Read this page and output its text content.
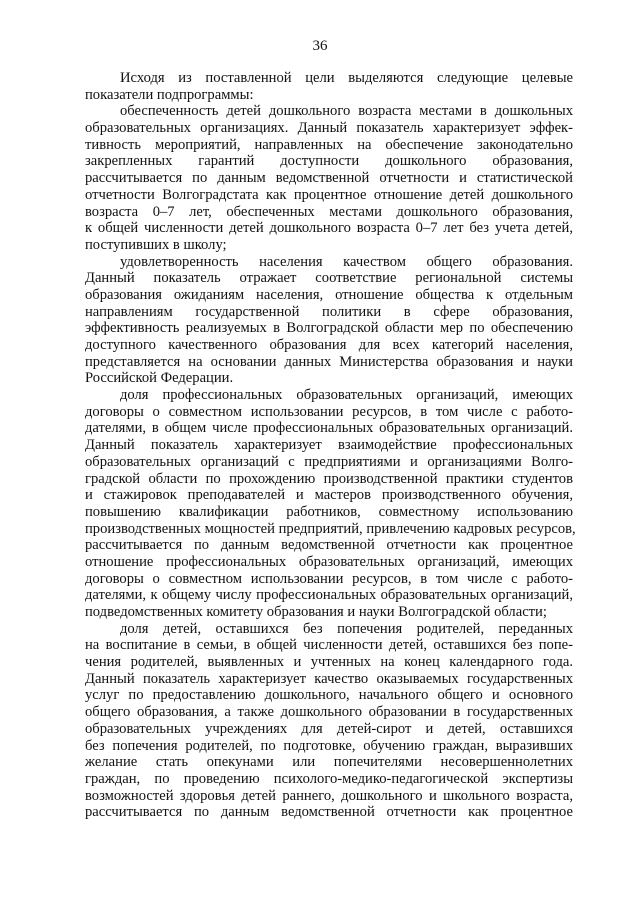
36
Исходя из поставленной цели выделяются следующие целевые
показатели подпрограммы:
обеспеченность детей дошкольного возраста местами в дошкольных
образовательных организациях. Данный показатель характеризует эффек-
тивность мероприятий, направленных на обеспечение законодательно
закрепленных гарантий доступности дошкольного образования,
рассчитывается по данным ведомственной отчетности и статистической
отчетности Волгоградстата как процентное отношение детей дошкольного
возраста 0–7 лет, обеспеченных местами дошкольного образования,
к общей численности детей дошкольного возраста 0–7 лет без учета детей,
поступивших в школу;
удовлетворенность населения качеством общего образования.
Данный показатель отражает соответствие региональной системы
образования ожиданиям населения, отношение общества к отдельным
направлениям государственной политики в сфере образования,
эффективность реализуемых в Волгоградской области мер по обеспечению
доступного качественного образования для всех категорий населения,
представляется на основании данных Министерства образования и науки
Российской Федерации.
доля профессиональных образовательных организаций, имеющих
договоры о совместном использовании ресурсов, в том числе с работо-
дателями, в общем числе профессиональных образовательных организаций.
Данный показатель характеризует взаимодействие профессиональных
образовательных организаций с предприятиями и организациями Волго-
градской области по прохождению производственной практики студентов
и стажировок преподавателей и мастеров производственного обучения,
повышению квалификации работников, совместному использованию
производственных мощностей предприятий, привлечению кадровых ресурсов,
рассчитывается по данным ведомственной отчетности как процентное
отношение профессиональных образовательных организаций, имеющих
договоры о совместном использовании ресурсов, в том числе с работо-
дателями, к общему числу профессиональных образовательных организаций,
подведомственных комитету образования и науки Волгоградской области;
доля детей, оставшихся без попечения родителей, переданных
на воспитание в семьи, в общей численности детей, оставшихся без попе-
чения родителей, выявленных и учтенных на конец календарного года.
Данный показатель характеризует качество оказываемых государственных
услуг по предоставлению дошкольного, начального общего и основного
общего образования, а также дошкольного образовании в государственных
образовательных учреждениях для детей-сирот и детей, оставшихся
без попечения родителей, по подготовке, обучению граждан, выразивших
желание стать опекунами или попечителями несовершеннолетних
граждан, по проведению психолого-медико-педагогической экспертизы
возможностей здоровья детей раннего, дошкольного и школьного возраста,
рассчитывается по данным ведомственной отчетности как процентное
